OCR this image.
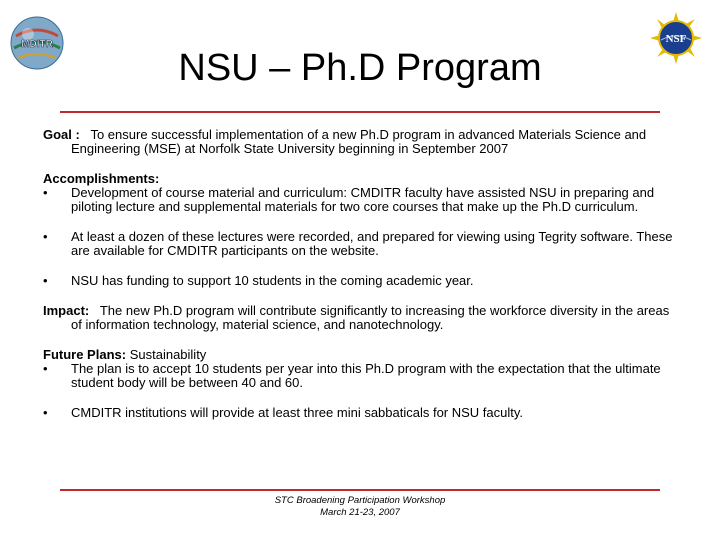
MDITR	NSF
NSU – Ph.D Program
Goal : To ensure successful implementation of a new Ph.D program in advanced Materials Science and Engineering (MSE) at Norfolk State University beginning in September 2007
Accomplishments:
• Development of course material and curriculum: CMDITR faculty have assisted NSU in preparing and piloting lecture and supplemental materials for two core courses that make up the Ph.D curriculum.
• At least a dozen of these lectures were recorded, and prepared for viewing using Tegrity software. These are available for CMDITR participants on the website.
• NSU has funding to support 10 students in the coming academic year.
Impact: The new Ph.D program will contribute significantly to increasing the workforce diversity in the areas of information technology, material science, and nanotechnology.
Future Plans: Sustainability
• The plan is to accept 10 students per year into this Ph.D program with the expectation that the ultimate student body will be between 40 and 60.
• CMDITR institutions will provide at least three mini sabbaticals for NSU faculty.
STC Broadening Participation Workshop
March 21-23, 2007
